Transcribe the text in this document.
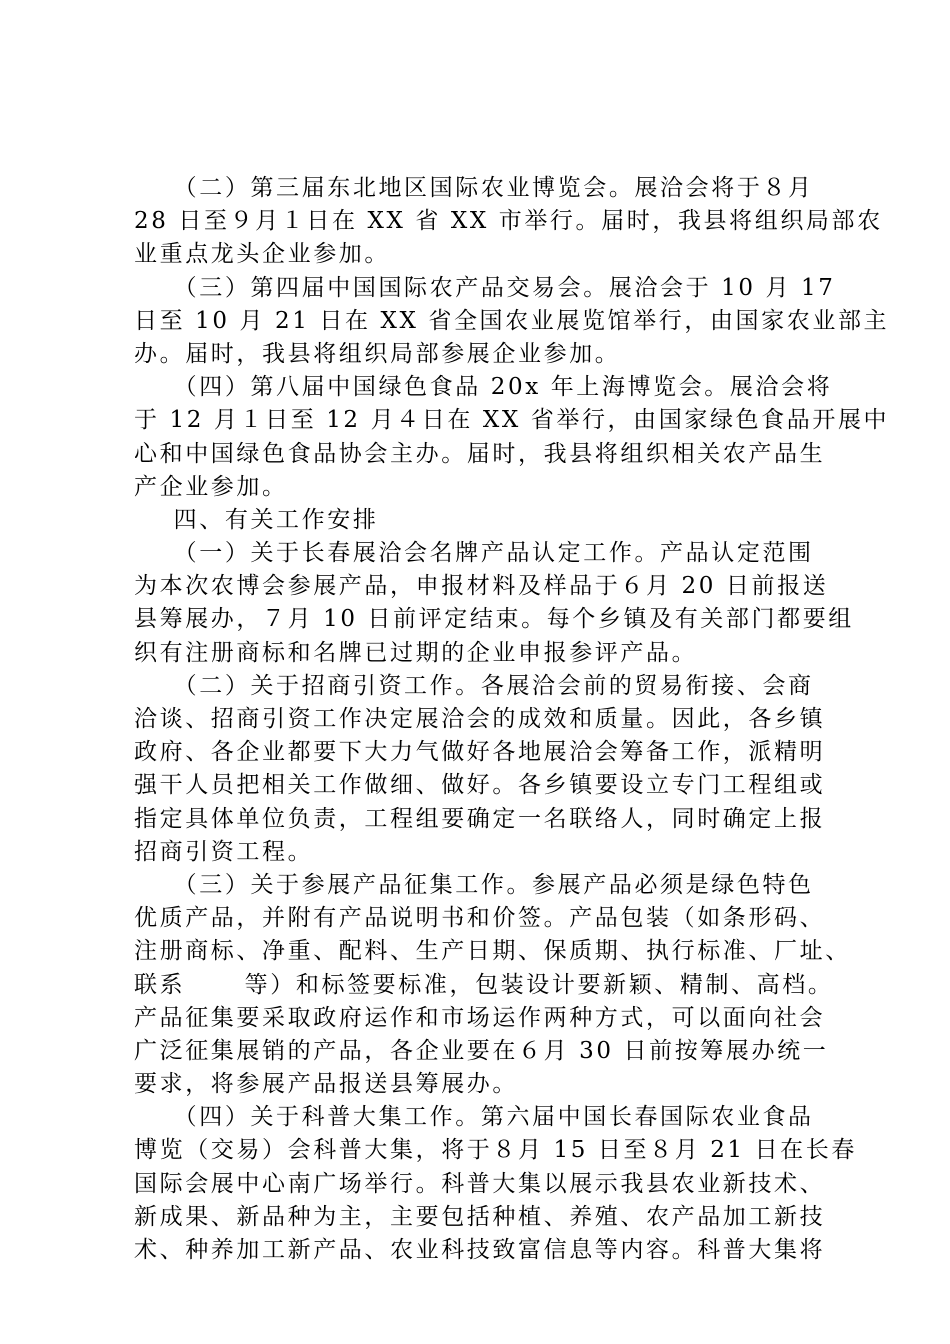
（二）第三届东北地区国际农业博览会。展洽会将于８月
28 日至９月１日在 XX 省 XX 市举行。届时，我县将组织局部农
业重点龙头企业参加。
（三）第四届中国国际农产品交易会。展洽会于 10 月 17
日至 10 月 21 日在 XX 省全国农业展览馆举行，由国家农业部主
办。届时，我县将组织局部参展企业参加。
（四）第八届中国绿色食品 20x 年上海博览会。展洽会将
于 12 月１日至 12 月４日在 XX 省举行，由国家绿色食品开展中
心和中国绿色食品协会主办。届时，我县将组织相关农产品生
产企业参加。
四、有关工作安排
（一）关于长春展洽会名牌产品认定工作。产品认定范围
为本次农博会参展产品，申报材料及样品于６月 20 日前报送
县筹展办，７月 10 日前评定结束。每个乡镇及有关部门都要组
织有注册商标和名牌已过期的企业申报参评产品。
（二）关于招商引资工作。各展洽会前的贸易衔接、会商
洽谈、招商引资工作决定展洽会的成效和质量。因此，各乡镇
政府、各企业都要下大力气做好各地展洽会筹备工作，派精明
强干人员把相关工作做细、做好。各乡镇要设立专门工程组或
指定具体单位负责，工程组要确定一名联络人，同时确定上报
招商引资工程。
（三）关于参展产品征集工作。参展产品必须是绿色特色
优质产品，并附有产品说明书和价签。产品包装（如条形码、
注册商标、净重、配料、生产日期、保质期、执行标准、厂址、
联系      等）和标签要标准，包装设计要新颖、精制、高档。
产品征集要采取政府运作和市场运作两种方式，可以面向社会
广泛征集展销的产品，各企业要在６月 30 日前按筹展办统一
要求，将参展产品报送县筹展办。
（四）关于科普大集工作。第六届中国长春国际农业食品
博览（交易）会科普大集，将于８月 15 日至８月 21 日在长春
国际会展中心南广场举行。科普大集以展示我县农业新技术、
新成果、新品种为主，主要包括种植、养殖、农产品加工新技
术、种养加工新产品、农业科技致富信息等内容。科普大集将
